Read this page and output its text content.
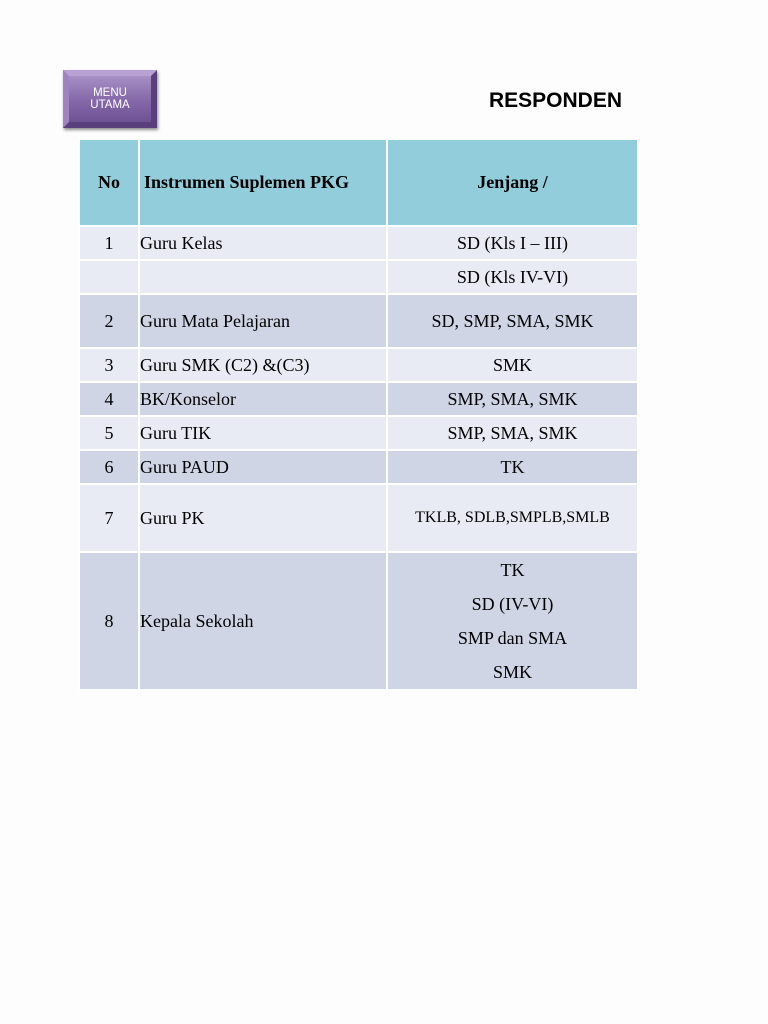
MENU
UTAMA	RESPONDEN
No	Instrumen Suplemen PKG	Jenjang /
1	Guru Kelas	SD (Kls I – III)
		SD (Kls IV-VI)
2	Guru Mata Pelajaran	SD, SMP, SMA, SMK
3	Guru SMK (C2) &(C3)	SMK
4	BK/Konselor	SMP, SMA, SMK
5	Guru TIK	SMP, SMA, SMK
6	Guru PAUD	TK
7	Guru PK	TKLB, SDLB,SMPLB,SMLB
8	Kepala Sekolah	TK
SD (IV-VI)
SMP dan SMA
SMK
